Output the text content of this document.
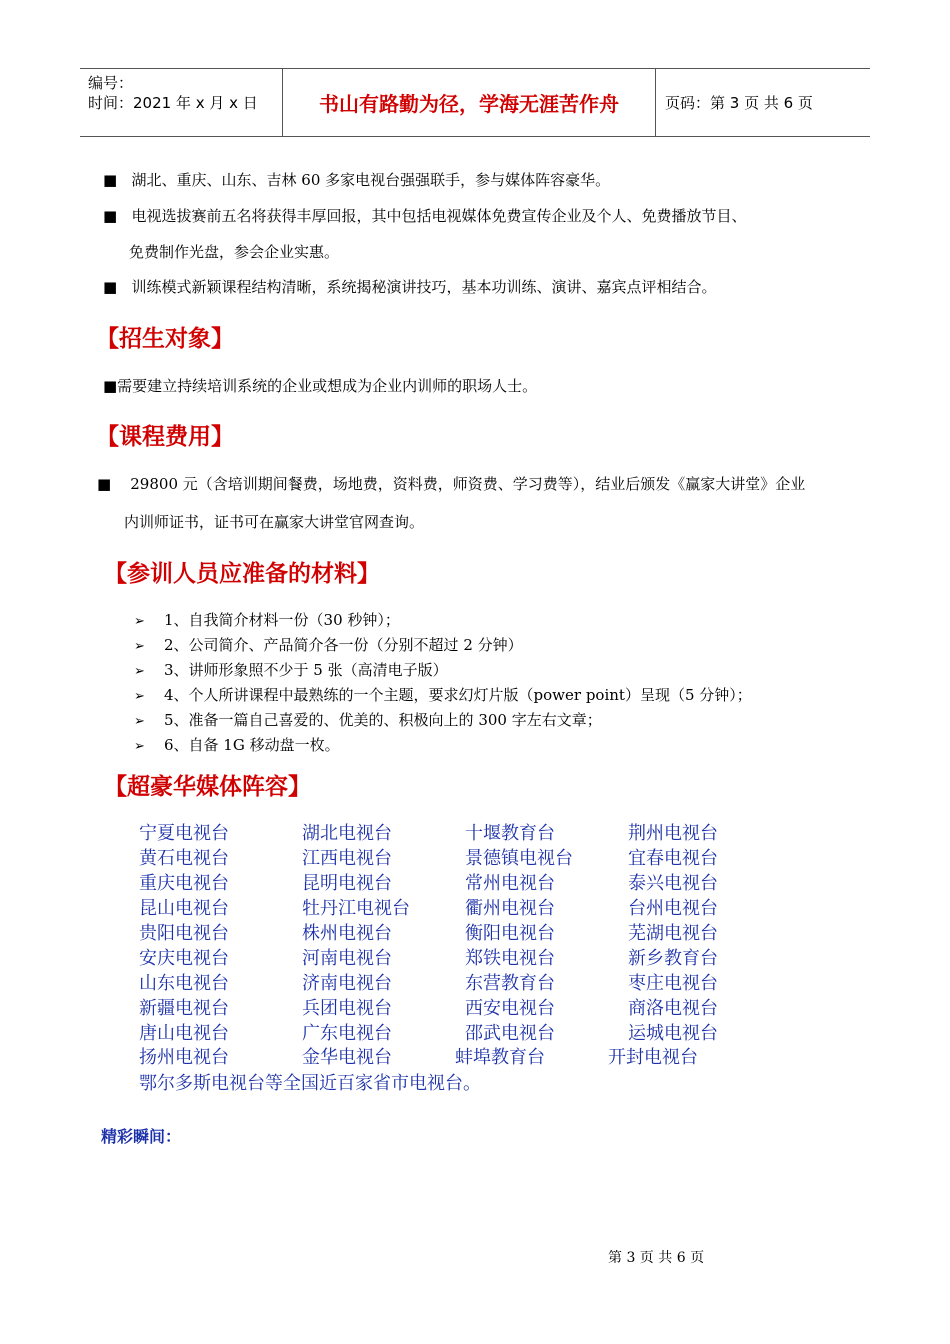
编号：
时间：2021 年 x 月 x 日	书山有路勤为径，学海无涯苦作舟	页码：第 3 页 共 6 页
■ 湖北、重庆、山东、吉林 60 多家电视台强强联手，参与媒体阵容豪华。
■ 电视选拔赛前五名将获得丰厚回报，其中包括电视媒体免费宣传企业及个人、免费播放节目、
免费制作光盘，参会企业实惠。
■ 训练模式新颖课程结构清晰，系统揭秘演讲技巧，基本功训练、演讲、嘉宾点评相结合。
【招生对象】
■需要建立持续培训系统的企业或想成为企业内训师的职场人士。
【课程费用】
■ 29800 元（含培训期间餐费，场地费，资料费，师资费、学习费等），结业后颁发《赢家大讲堂》企业
内训师证书，证书可在赢家大讲堂官网查询。
【参训人员应准备的材料】
➢ 1、自我简介材料一份（30 秒钟）；
➢ 2、公司简介、产品简介各一份（分别不超过 2 分钟）
➢ 3、讲师形象照不少于 5 张（高清电子版）
➢ 4、个人所讲课程中最熟练的一个主题，要求幻灯片版（power point）呈现（5 分钟）；
➢ 5、准备一篇自己喜爱的、优美的、积极向上的 300 字左右文章；
➢ 6、自备 1G 移动盘一枚。
【超豪华媒体阵容】
宁夏电视台	湖北电视台	十堰教育台	荆州电视台
黄石电视台	江西电视台	景德镇电视台	宜春电视台
重庆电视台	昆明电视台	常州电视台	泰兴电视台
昆山电视台	牡丹江电视台	衢州电视台	台州电视台
贵阳电视台	株州电视台	衡阳电视台	芜湖电视台
安庆电视台	河南电视台	郑铁电视台	新乡教育台
山东电视台	济南电视台	东营教育台	枣庄电视台
新疆电视台	兵团电视台	西安电视台	商洛电视台
唐山电视台	广东电视台	邵武电视台	运城电视台
扬州电视台	金华电视台	蚌埠教育台	开封电视台
鄂尔多斯电视台等全国近百家省市电视台。
精彩瞬间：
第 3 页 共 6 页
